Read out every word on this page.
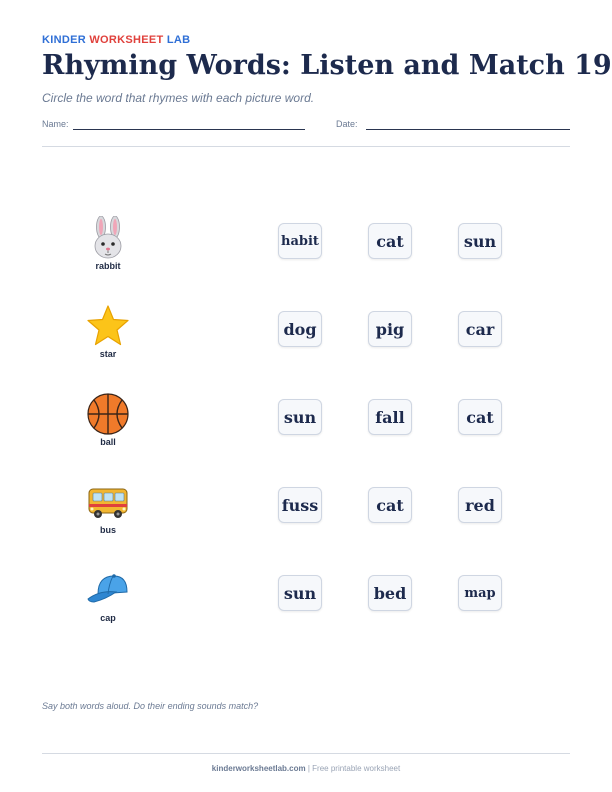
KINDER WORKSHEET LAB
Rhyming Words: Listen and Match 19
Circle the word that rhymes with each picture word.
Name:	Date:
rabbit
habit	cat	sun
star
dog	pig	car
ball
sun	fall	cat
bus
fuss	cat	red
cap
sun	bed	map
Say both words aloud. Do their ending sounds match?
kinderworksheetlab.com | Free printable worksheet
